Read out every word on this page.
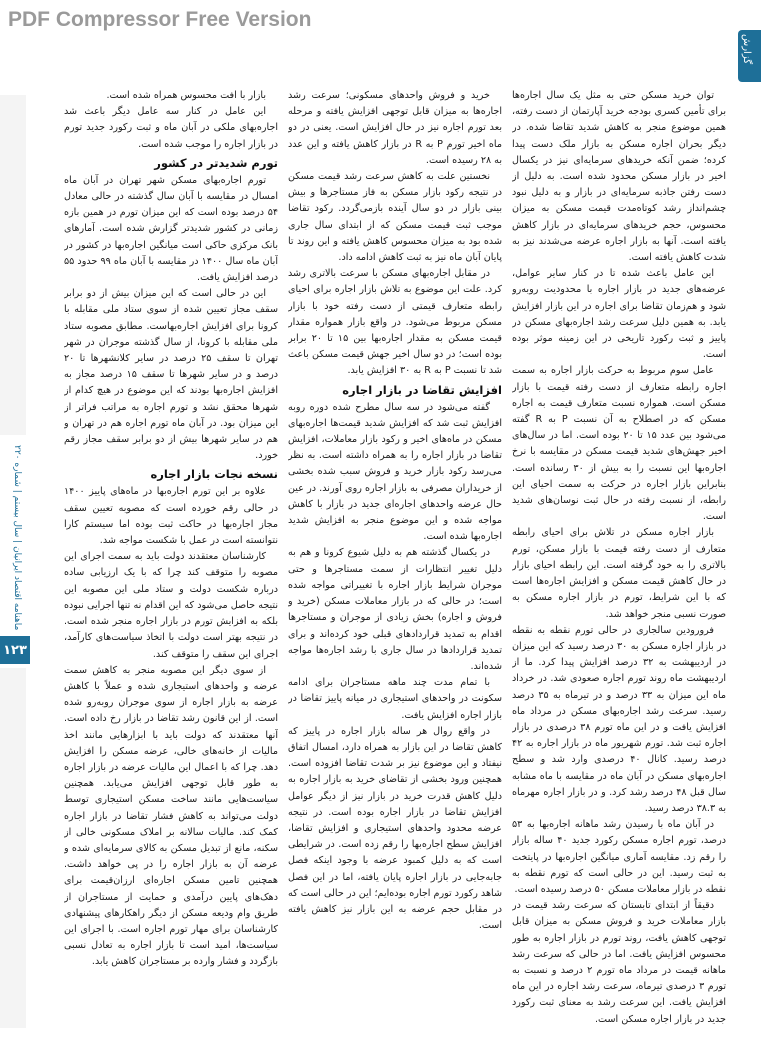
PDF Compressor Free Version
گزارش
ماهنامه اقتصاد ایرانیان | سال بیستم | شماره ۲۲۰
۱۲۳

توان خرید مسکن حتی به مثل یک سال اجاره‌ها برای تأمین کسری بودجه خرید آپارتمان از دست رفته، همین موضوع منجر به کاهش شدید تقاضا شده. در دیگر بحران اجاره مسکن به بازار ملک دست پیدا کرده؛ ضمن آنکه خریدهای سرمایه‌ای نیز در یکسال اخیر در بازار مسکن محدود شده است. به دلیل از دست رفتن جاذبه سرمایه‌ای در بازار و به دلیل نبود چشم‌انداز رشد کوتاه‌مدت قیمت مسکن به میزان محسوس، حجم خریدهای سرمایه‌ای در بازار کاهش یافته است. آنها به بازار اجاره عرضه می‌شدند نیز به شدت کاهش یافته است.

این عامل باعث شده تا در کنار سایر عوامل، عرضه‌های جدید در بازار اجاره با محدودیت روبه‌رو شود و هم‌زمان تقاضا برای اجاره در این بازار افزایش یابد. به همین دلیل سرعت رشد اجاره‌بهای مسکن در پاییز و ثبت رکورد تاریخی در این زمینه موثر بوده است.

عامل سوم مربوط به حرکت بازار اجاره به سمت اجاره رابطه متعارف از دست رفته قیمت با بازار مسکن است. همواره نسبت متعارف قیمت به اجاره مسکن که در اصطلاح به آن نسبت P به R گفته می‌شود بین عدد ۱۵ تا ۲۰ بوده است. اما در سال‌های اخیر جهش‌های شدید قیمت مسکن در مقایسه با نرخ اجاره‌بها این نسبت را به بیش از ۳۰ رسانده است. بنابراین بازار اجاره در حرکت به سمت احیای این رابطه، از نسبت رفته در حال ثبت نوسان‌های شدید است.

بازار اجاره مسکن در تلاش برای احیای رابطه متعارف از دست رفته قیمت با بازار مسکن، تورم بالاتری را به خود گرفته است. این رابطه احیای بازار در حال کاهش قیمت مسکن و افزایش اجاره‌ها است که با این شرایط، تورم در بازار اجاره مسکن به صورت نسبی منجر خواهد شد.

فرورودین سالجاری در حالی تورم نقطه به نقطه در بازار اجاره مسکن به ۳۰ درصد رسید که این میزان در اردیبهشت به ۳۲ درصد افزایش پیدا کرد. ما از اردیبهشت ماه روند تورم اجاره صعودی شد. در خرداد ماه این میزان به ۳۳ درصد و در تیرماه به ۳۵ درصد رسید. سرعت رشد اجاره‌بهای مسکن در مرداد ماه افزایش یافت و در این ماه تورم ۳۸ درصدی در بازار اجاره ثبت شد. تورم شهریور ماه در بازار اجاره به ۴۲ درصد رسید. کانال ۴۰ درصدی وارد شد و سطح اجاره‌بهای مسکن در آبان ماه در مقایسه با ماه مشابه سال قبل ۴۸ درصد رشد کرد. و در بازار اجاره مهرماه به ۳۸.۳ درصد رسید.

در آبان ماه با رسیدن رشد ماهانه اجاره‌بها به ۵۳ درصد، تورم اجاره مسکن رکورد جدید ۴۰ ساله بازار را رقم زد. مقایسه آماری میانگین اجاره‌بها در پایتخت به ثبت رسید. این در حالی است که تورم نقطه به نقطه در بازار معاملات مسکن ۵۰ درصد رسیده است.

دقیقاً از ابتدای تابستان که سرعت رشد قیمت در بازار معاملات خرید و فروش مسکن به میزان قابل توجهی کاهش یافت، روند تورم در بازار اجاره به طور محسوس افزایش یافت. اما در حالی که سرعت رشد ماهانه قیمت در مرداد ماه تورم ۲ درصد و نسبت به تورم ۳ درصدی تیرماه، سرعت رشد اجاره در این ماه افزایش یافت. این سرعت رشد به معنای ثبت رکورد جدید در بازار اجاره مسکن است.

خرید و فروش واحدهای مسکونی؛ سرعت رشد اجاره‌ها به میزان قابل توجهی افزایش یافته و مرحله بعد تورم اجاره نیز در حال افزایش است. یعنی در دو ماه اخیر تورم P به R در بازار کاهش یافته و این عدد به ۲۸ رسیده است.

نخستین علت به کاهش سرعت رشد قیمت مسکن در نتیجه رکود بازار مسکن به فاز مستاجرها و بیش بینی بازار در دو سال آینده بازمی‌گردد. رکود تقاضا موجب ثبت قیمت مسکن که از ابتدای سال جاری شده بود به میزان محسوس کاهش یافته و این روند تا پایان آبان ماه نیز به ثبت کاهش ادامه داد.

در مقابل اجاره‌بهای مسکن با سرعت بالاتری رشد کرد. علت این موضوع به تلاش بازار اجاره برای احیای رابطه متعارف قیمتی از دست رفته خود با بازار مسکن مربوط می‌شود. در واقع بازار همواره مقدار قیمت مسکن به مقدار اجاره‌بها بین ۱۵ تا ۲۰ برابر بوده است؛ در دو سال اخیر جهش قیمت مسکن باعث شد تا نسبت P به R به ۳۰ افزایش یابد.

افزایش تقاضا در بازار اجاره

گفته می‌شود در سه سال مطرح شده دوره رو‌به افزایش ثبت شد که افزایش شدید قیمت‌ها اجاره‌بهای مسکن در ماه‌های اخیر و رکود بازار معاملات، افزایش تقاضا در بازار اجاره را به همراه داشته است. به نظر می‌رسد رکود بازار خرید و فروش سبب شده بخشی از خریداران مصرفی به بازار اجاره روی آورند. در عین حال عرضه واحدهای اجاره‌ای جدید در بازار با کاهش مواجه شده و این موضوع منجر به افزایش شدید اجاره‌بها شده است.

در یکسال گذشته هم به دلیل شیوع کرونا و هم به دلیل تغییر انتظارات از سمت مستاجرها و حتی موجران شرایط بازار اجاره با تغییراتی مواجه شده است؛ در حالی که در بازار معاملات مسکن (خرید و فروش و اجاره) بخش زیادی از موجران و مستاجرها اقدام به تمدید قراردادهای قبلی خود کرده‌اند و برای تمدید قراردادها در سال جاری با رشد اجاره‌ها مواجه شده‌اند.

با تمام مدت چند ماهه مستاجران برای ادامه سکونت در واحدهای استیجاری در میانه پاییز تقاضا در بازار اجاره افزایش یافت.

در واقع روال هر ساله بازار اجاره در پاییز که کاهش تقاضا در این بازار به همراه دارد، امسال اتفاق نیفتاد و این موضوع نیز بر شدت تقاضا افزوده است. همچنین ورود بخشی از تقاضای خرید به بازار اجاره به دلیل کاهش قدرت خرید در بازار نیز از دیگر عوامل افزایش تقاضا در بازار اجاره بوده است. در نتیجه عرضه محدود واحدهای استیجاری و افزایش تقاضا، افزایش سطح اجاره‌بها را رقم زده است. در شرایطی است که به دلیل کمبود عرضه با وجود اینکه فصل جابه‌جایی در بازار اجاره پایان یافته، اما در این فصل شاهد رکورد تورم اجاره بوده‌ایم؛ این در حالی است که در مقابل حجم عرضه به این بازار نیز کاهش یافته است.

بازار با افت محسوس همراه شده است.

این عامل در کنار سه عامل دیگر باعث شد اجاره‌بهای ملکی در آبان ماه و ثبت رکورد جدید تورم در بازار اجاره را موجب شده است.

تورم شدیدتر در کشور

تورم اجاره‌بهای مسکن شهر تهران در آبان ماه امسال در مقایسه با آبان سال گذشته در حالی معادل ۵۴ درصد بوده است که این میزان تورم در همین بازه زمانی در کشور شدیدتر گزارش شده است. آمارهای بانک مرکزی حاکی است میانگین اجاره‌بها در کشور در آبان ماه سال ۱۴۰۰ در مقایسه با آبان ماه ۹۹ حدود ۵۵ درصد افزایش یافت.

این در حالی است که این میزان بیش از دو برابر سقف مجاز تعیین شده از سوی ستاد ملی مقابله با کرونا برای افزایش اجاره‌بهاست. مطابق مصوبه ستاد ملی مقابله با کرونا، از سال گذشته موجران در شهر تهران تا سقف ۲۵ درصد در سایر کلانشهرها تا ۲۰ درصد و در سایر شهرها تا سقف ۱۵ درصد مجاز به افزایش اجاره‌بها بودند که این موضوع در هیچ کدام از شهرها محقق نشد و تورم اجاره به مراتب فراتر از این میزان بود. در آبان ماه تورم اجاره هم در تهران و هم در سایر شهرها بیش از دو برابر سقف مجاز رقم خورد.

نسخه نجات بازار اجاره

علاوه بر این تورم اجاره‌بها در ماه‌های پاییز ۱۴۰۰ در حالی رقم خورده است که مصوبه تعیین سقف مجاز اجاره‌بها در حاکت ثبت بوده اما سیستم کارا نتوانسته است در عمل با شکست مواجه شد.

کارشناسان معتقدند دولت باید به سمت اجرای این مصوبه را متوقف کند چرا که با یک ارزیابی ساده درباره شکست دولت و ستاد ملی این مصوبه این نتیجه حاصل می‌شود که این اقدام نه تنها اجرایی نبوده بلکه به افزایش تورم در بازار اجاره منجر شده است. در نتیجه بهتر است دولت با اتخاذ سیاست‌های کارآمد، اجرای این سقف را متوقف کند.

از سوی دیگر این مصوبه منجر به کاهش سمت عرضه و واحدهای استیجاری شده و عملاً با کاهش عرضه به بازار اجاره از سوی موجران روبه‌رو شده است. از این قانون رشد تقاضا در بازار رخ داده است. آنها معتقدند که دولت باید با ابزارهایی مانند اخذ مالیات از خانه‌های خالی، عرضه مسکن را افزایش دهد. چرا که با اعمال این مالیات عرضه در بازار اجاره به طور قابل توجهی افزایش می‌یابد. همچنین سیاست‌هایی مانند ساخت مسکن استیجاری توسط دولت می‌تواند به کاهش فشار تقاضا در بازار اجاره کمک کند. مالیات سالانه بر املاک مسکونی خالی از سکنه، مانع از تبدیل مسکن به کالای سرمایه‌ای شده و عرضه آن به بازار اجاره را در پی خواهد داشت. همچنین تامین مسکن اجاره‌ای ارزان‌قیمت برای دهک‌های پایین درآمدی و حمایت از مستاجران از طریق وام ودیعه مسکن از دیگر راهکارهای پیشنهادی کارشناسان برای مهار تورم اجاره است. با اجرای این سیاست‌ها، امید است تا بازار اجاره به تعادل نسبی بازگردد و فشار وارده بر مستاجران کاهش یابد.
